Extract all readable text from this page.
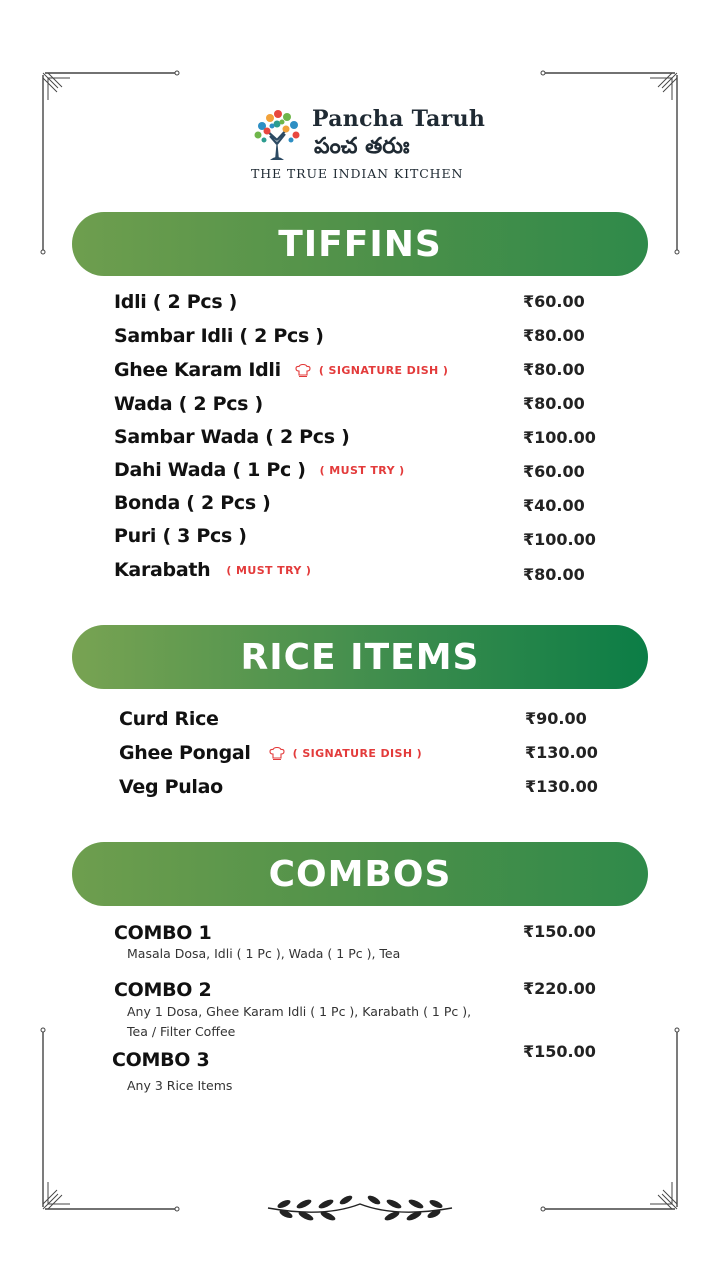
Pancha Taruh
పంచ తరుః
THE TRUE INDIAN KITCHEN
TIFFINS
Idli ( 2 Pcs )	₹60.00
Sambar Idli ( 2 Pcs )	₹80.00
Ghee Karam Idli	( SIGNATURE DISH )	₹80.00
Wada ( 2 Pcs )	₹80.00
Sambar Wada ( 2 Pcs )	₹100.00
Dahi Wada ( 1 Pc ) ( MUST TRY )	₹60.00
Bonda ( 2 Pcs )	₹40.00
Puri ( 3 Pcs )	₹100.00
Karabath ( MUST TRY )	₹80.00
RICE ITEMS
Curd Rice	₹90.00
Ghee Pongal	( SIGNATURE DISH )	₹130.00
Veg Pulao	₹130.00
COMBOS
COMBO 1	₹150.00
Masala Dosa, Idli ( 1 Pc ), Wada ( 1 Pc ), Tea
COMBO 2	₹220.00
Any 1 Dosa, Ghee Karam Idli ( 1 Pc ), Karabath ( 1 Pc ),
Tea / Filter Coffee
COMBO 3	₹150.00
Any 3 Rice Items
